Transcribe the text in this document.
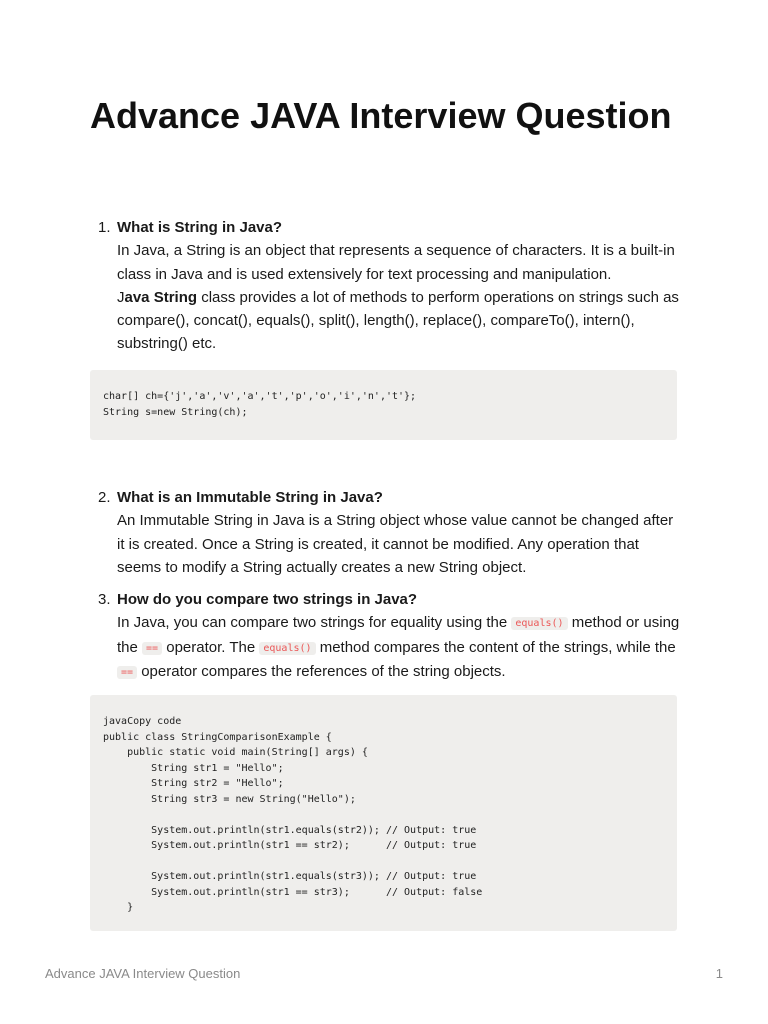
Advance JAVA Interview Question
1. What is String in Java?

In Java, a String is an object that represents a sequence of characters. It is a built-in class in Java and is used extensively for text processing and manipulation.

Java String class provides a lot of methods to perform operations on strings such as compare(), concat(), equals(), split(), length(), replace(), compareTo(), intern(), substring() etc.

char[] ch={'j','a','v','a','t','p','o','i','n','t'};
String s=new String(ch);
2. What is an Immutable String in Java?

An Immutable String in Java is a String object whose value cannot be changed after it is created. Once a String is created, it cannot be modified. Any operation that seems to modify a String actually creates a new String object.

3. How do you compare two strings in Java?

In Java, you can compare two strings for equality using the equals() method or using the == operator. The equals() method compares the content of the strings, while the == operator compares the references of the string objects.

javaCopy code
public class StringComparisonExample {
public static void main(String[] args) {
String str1 = "Hello";
String str2 = "Hello";
String str3 = new String("Hello");
System.out.println(str1.equals(str2)); // Output: true
System.out.println(str1 == str2);      // Output: true
System.out.println(str1.equals(str3)); // Output: true
System.out.println(str1 == str3);      // Output: false
}
Advance JAVA Interview Question	1
